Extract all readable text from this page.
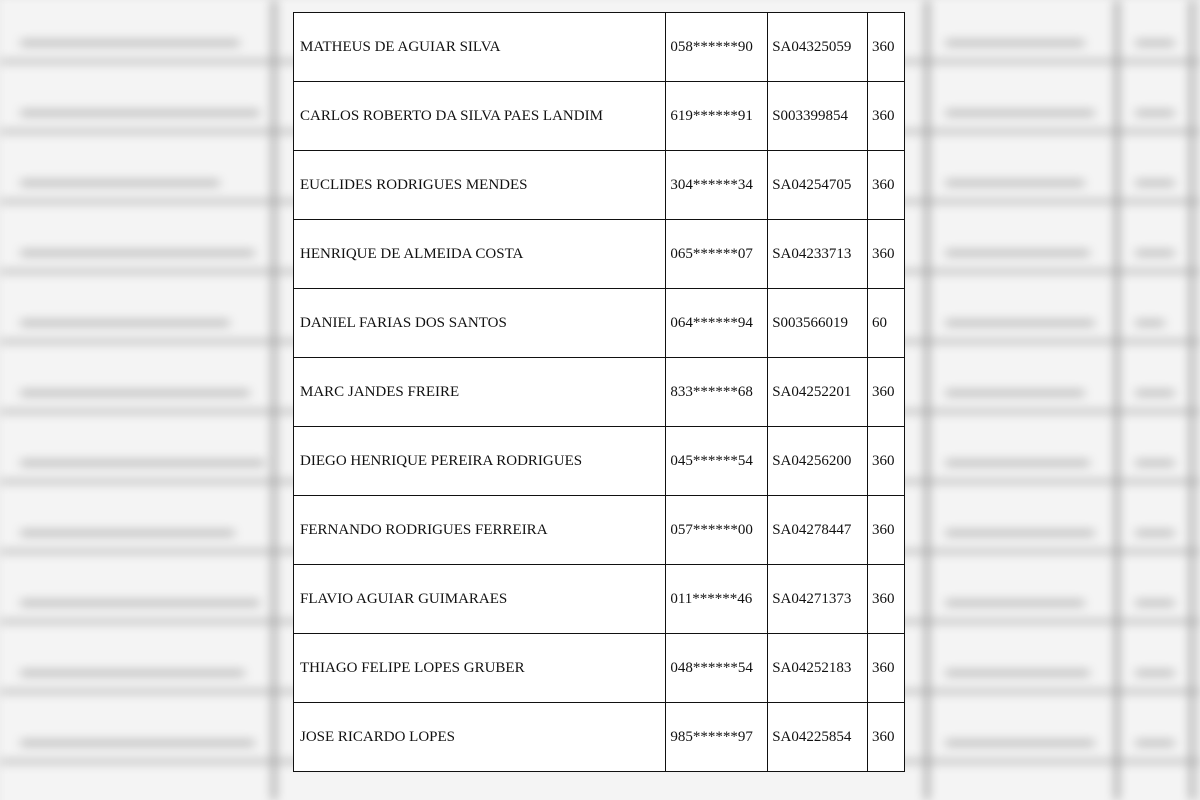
MATHEUS DE AGUIAR SILVA	058******90	SA04325059	360
CARLOS ROBERTO DA SILVA PAES LANDIM	619******91	S003399854	360
EUCLIDES RODRIGUES MENDES	304******34	SA04254705	360
HENRIQUE DE ALMEIDA COSTA	065******07	SA04233713	360
DANIEL FARIAS DOS SANTOS	064******94	S003566019	60
MARC JANDES FREIRE	833******68	SA04252201	360
DIEGO HENRIQUE PEREIRA RODRIGUES	045******54	SA04256200	360
FERNANDO RODRIGUES FERREIRA	057******00	SA04278447	360
FLAVIO AGUIAR GUIMARAES	011******46	SA04271373	360
THIAGO FELIPE LOPES GRUBER	048******54	SA04252183	360
JOSE RICARDO LOPES	985******97	SA04225854	360
